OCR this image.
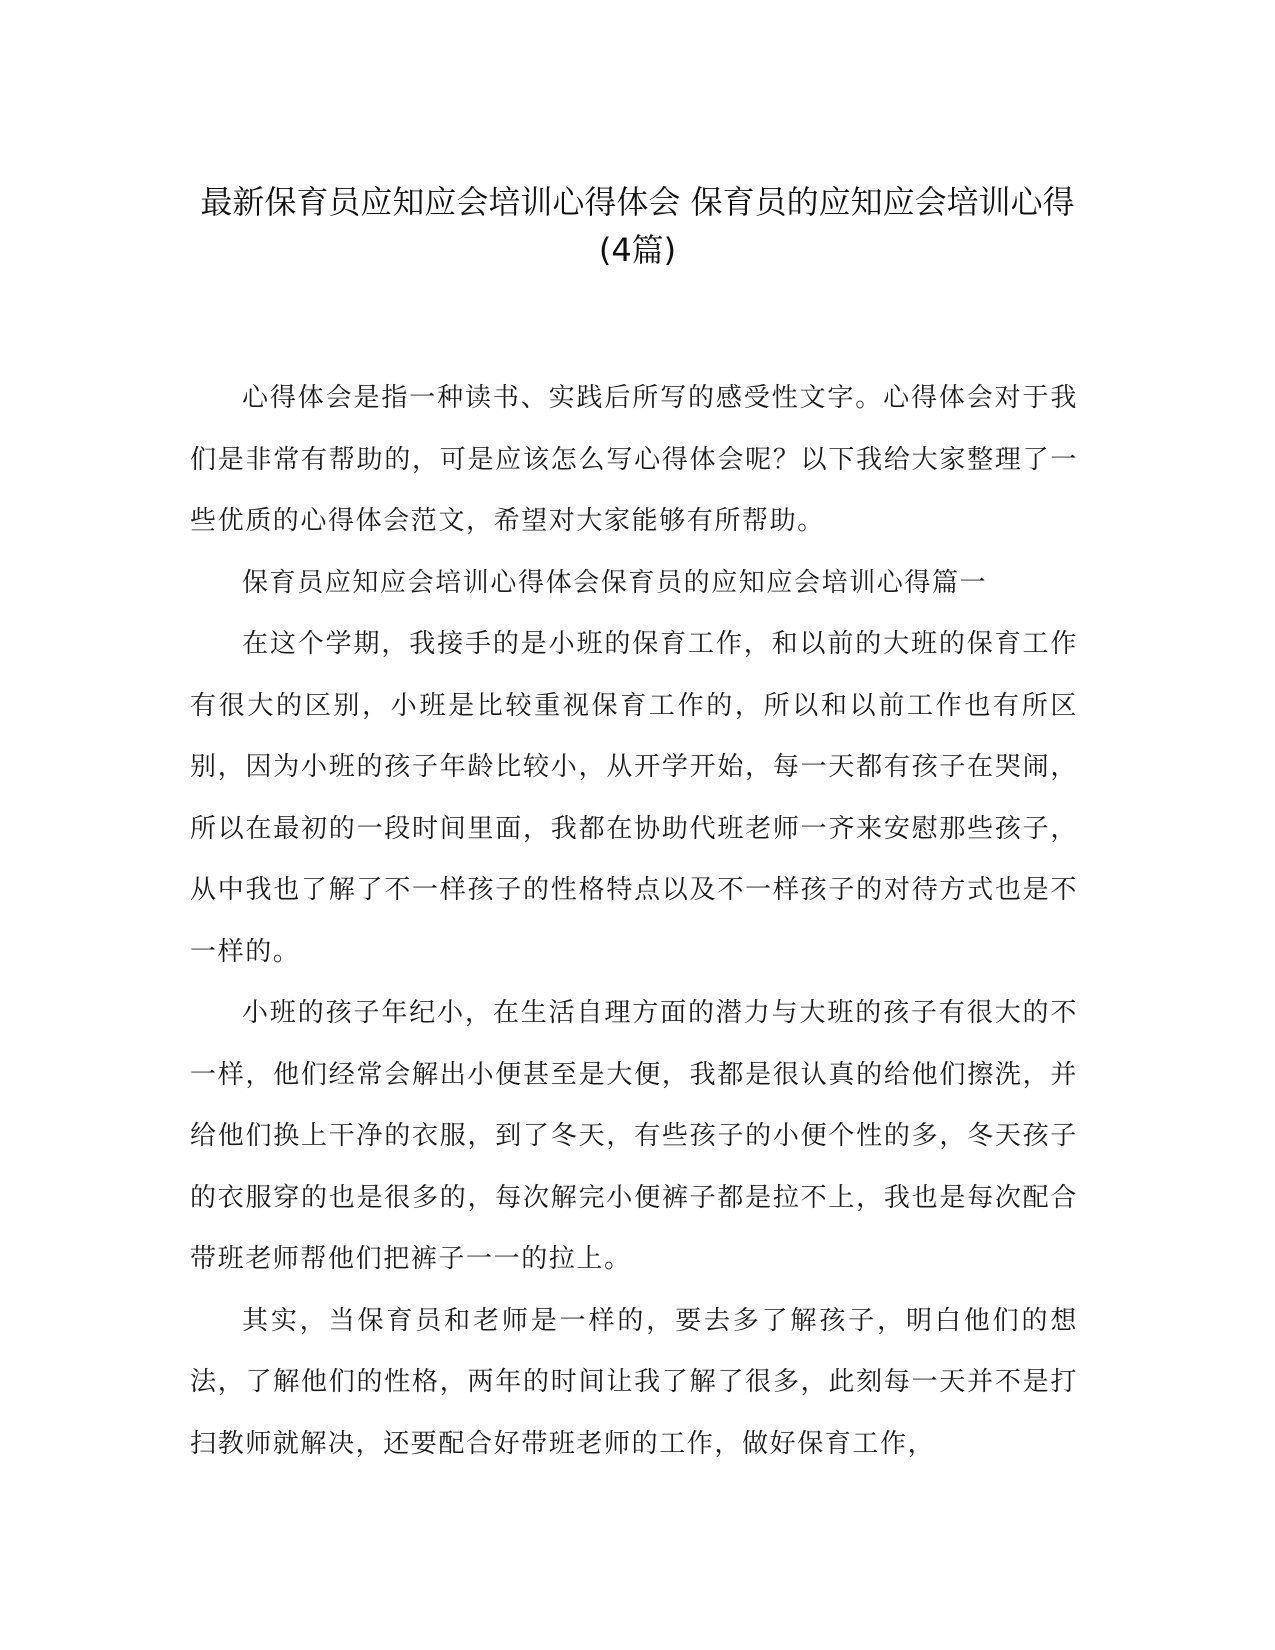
最新保育员应知应会培训心得体会 保育员的应知应会培训心得(4篇)

心得体会是指一种读书、实践后所写的感受性文字。心得体会对于我们是非常有帮助的，可是应该怎么写心得体会呢？以下我给大家整理了一些优质的心得体会范文，希望对大家能够有所帮助。

保育员应知应会培训心得体会保育员的应知应会培训心得篇一

在这个学期，我接手的是小班的保育工作，和以前的大班的保育工作有很大的区别，小班是比较重视保育工作的，所以和以前工作也有所区别，因为小班的孩子年龄比较小，从开学开始，每一天都有孩子在哭闹，所以在最初的一段时间里面，我都在协助代班老师一齐来安慰那些孩子，从中我也了解了不一样孩子的性格特点以及不一样孩子的对待方式也是不一样的。

小班的孩子年纪小，在生活自理方面的潜力与大班的孩子有很大的不一样，他们经常会解出小便甚至是大便，我都是很认真的给他们擦洗，并给他们换上干净的衣服，到了冬天，有些孩子的小便个性的多，冬天孩子的衣服穿的也是很多的，每次解完小便裤子都是拉不上，我也是每次配合带班老师帮他们把裤子一一的拉上。

其实，当保育员和老师是一样的，要去多了解孩子，明白他们的想法，了解他们的性格，两年的时间让我了解了很多，此刻每一天并不是打扫教师就解决，还要配合好带班老师的工作，做好保育工作，
